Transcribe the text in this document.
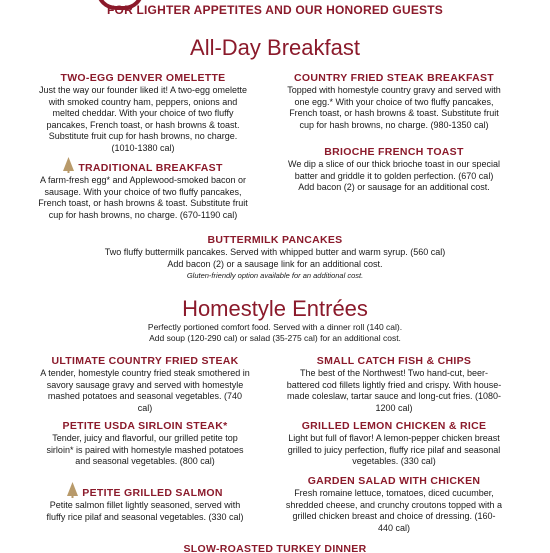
FOR LIGHTER APPETITES AND OUR HONORED GUESTS
All-Day Breakfast
TWO-EGG DENVER OMELETTE

Just the way our founder liked it! A two-egg omelette with smoked country ham, peppers, onions and melted cheddar. With your choice of two fluffy pancakes, French toast, or hash browns & toast. Substitute fruit cup for hash browns, no charge. (1010-1380 cal)

COUNTRY FRIED STEAK BREAKFAST

Topped with homestyle country gravy and served with one egg.* With your choice of two fluffy pancakes, French toast, or hash browns & toast. Substitute fruit cup for hash browns, no charge. (980-1350 cal)

TRADITIONAL BREAKFAST

A farm-fresh egg* and Applewood-smoked bacon or sausage. With your choice of two fluffy pancakes, French toast, or hash browns & toast. Substitute fruit cup for hash browns, no charge. (670-1190 cal)

BRIOCHE FRENCH TOAST

We dip a slice of our thick brioche toast in our special batter and griddle it to golden perfection. (670 cal)

Add bacon (2) or sausage for an additional cost.

BUTTERMILK PANCAKES

Two fluffy buttermilk pancakes. Served with whipped butter and warm syrup. (560 cal)

Add bacon (2) or a sausage link for an additional cost.

Gluten-friendly option available for an additional cost.

Homestyle Entrées
Perfectly portioned comfort food. Served with a dinner roll (140 cal).
Add soup (120-290 cal) or salad (35-275 cal) for an additional cost.
ULTIMATE COUNTRY FRIED STEAK

A tender, homestyle country fried steak smothered in savory sausage gravy and served with homestyle mashed potatoes and seasonal vegetables. (740 cal)

SMALL CATCH FISH & CHIPS

The best of the Northwest! Two hand-cut, beer-battered cod fillets lightly fried and crispy. With house-made coleslaw, tartar sauce and long-cut fries. (1080-1200 cal)

PETITE USDA SIRLOIN STEAK*

Tender, juicy and flavorful, our grilled petite top sirloin* is paired with homestyle mashed potatoes and seasonal vegetables. (800 cal)

GRILLED LEMON CHICKEN & RICE

Light but full of flavor! A lemon-pepper chicken breast grilled to juicy perfection, fluffy rice pilaf and seasonal vegetables. (330 cal)

PETITE GRILLED SALMON

Petite salmon fillet lightly seasoned, served with fluffy rice pilaf and seasonal vegetables. (330 cal)

GARDEN SALAD WITH CHICKEN

Fresh romaine lettuce, tomatoes, diced cucumber, shredded cheese, and crunchy croutons topped with a grilled chicken breast and choice of dressing. (160-440 cal)

SLOW-ROASTED TURKEY DINNER
